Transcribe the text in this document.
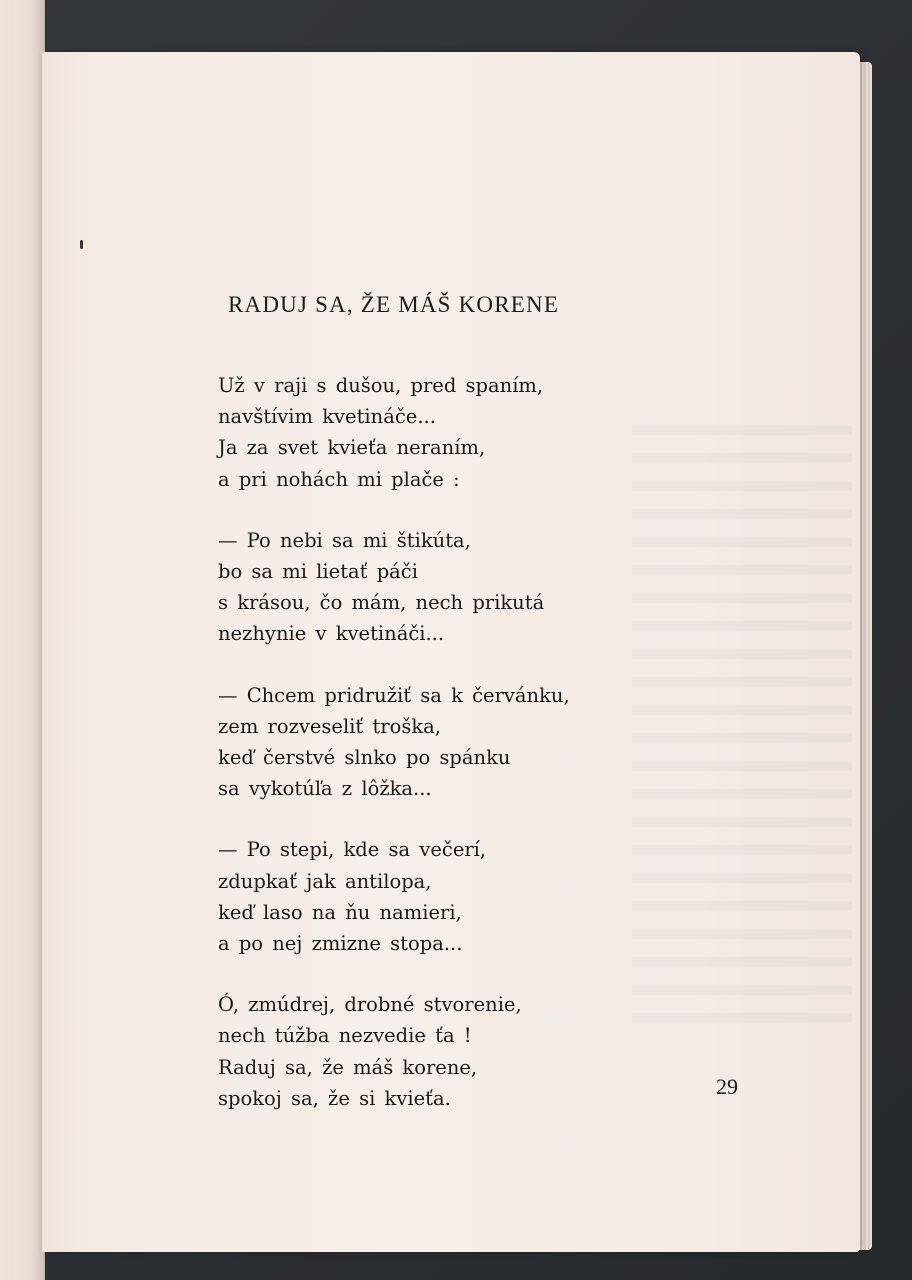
RADUJ SA, ŽE MÁŠ KORENE
Už v raji s dušou, pred spaním,
navštívim kvetináče...
Ja za svet kvieťa neraním,
a pri nohách mi plače :
— Po nebi sa mi štikúta,
bo sa mi lietať páči
s krásou, čo mám, nech prikutá
nezhynie v kvetináči...
— Chcem pridružiť sa k červánku,
zem rozveseliť troška,
keď čerstvé slnko po spánku
sa vykotúľa z lôžka...
— Po stepi, kde sa večerí,
zdupkať jak antilopa,
keď laso na ňu namieri,
a po nej zmizne stopa...
Ó, zmúdrej, drobné stvorenie,
nech túžba nezvedie ťa !
Raduj sa, že máš korene,
spokoj sa, že si kvieťa.	29
